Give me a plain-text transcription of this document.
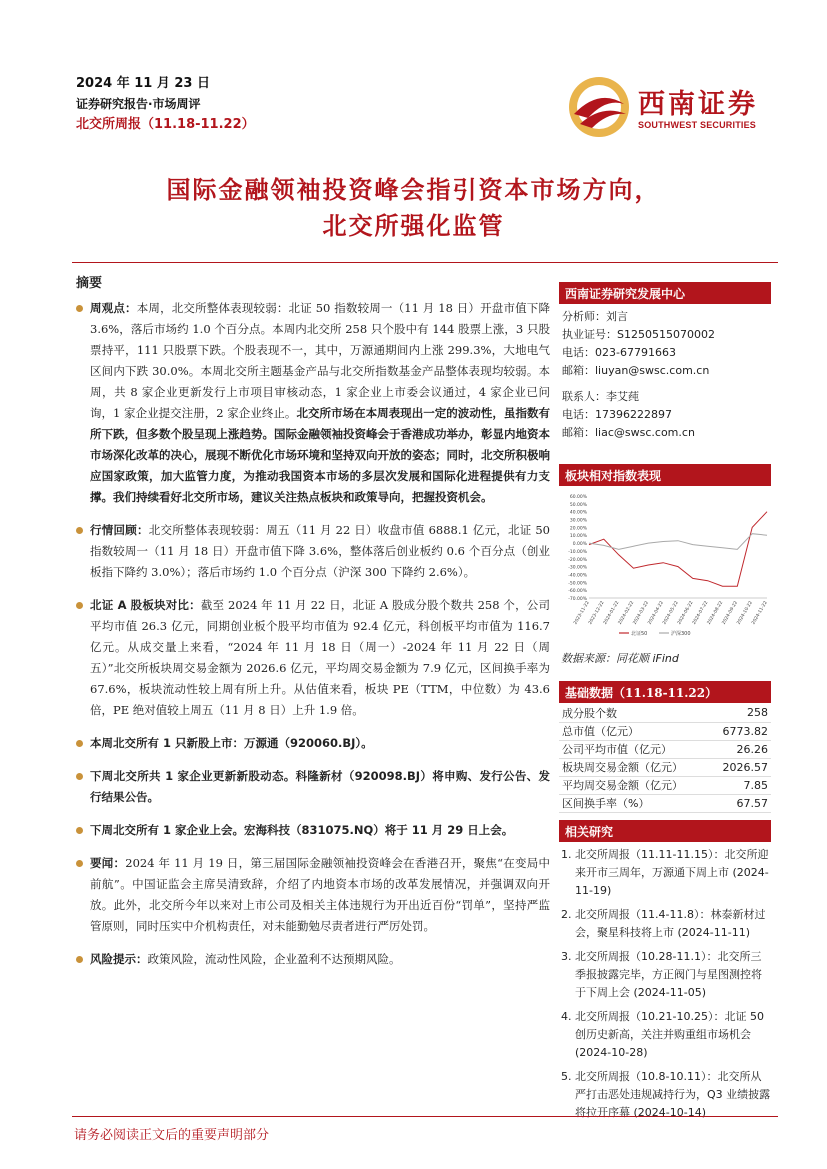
2024 年 11 月 23 日
证券研究报告·市场周评
北交所周报（11.18-11.22）
西南证券
SOUTHWEST SECURITIES
国际金融领袖投资峰会指引资本市场方向，
北交所强化监管
摘要
周观点：本周，北交所整体表现较弱：北证 50 指数较周一（11 月 18 日）开盘市值下降 3.6%，落后市场约 1.0 个百分点。本周内北交所 258 只个股中有 144 股票上涨，3 只股票持平，111 只股票下跌。个股表现不一，其中，万源通期间内上涨 299.3%，大地电气区间内下跌 30.0%。本周北交所主题基金产品与北交所指数基金产品整体表现均较弱。本周，共 8 家企业更新发行上市项目审核动态，1 家企业上市委会议通过，4 家企业已问询，1 家企业提交注册，2 家企业终止。北交所市场在本周表现出一定的波动性，虽指数有所下跌，但多数个股呈现上涨趋势。国际金融领袖投资峰会于香港成功举办，彰显内地资本市场深化改革的决心，展现不断优化市场环境和坚持双向开放的姿态；同时，北交所积极响应国家政策，加大监管力度，为推动我国资本市场的多层次发展和国际化进程提供有力支撑。我们持续看好北交所市场，建议关注热点板块和政策导向，把握投资机会。
行情回顾：北交所整体表现较弱：周五（11 月 22 日）收盘市值 6888.1 亿元，北证 50 指数较周一（11 月 18 日）开盘市值下降 3.6%，整体落后创业板约 0.6 个百分点（创业板指下降约 3.0%）；落后市场约 1.0 个百分点（沪深 300 下降约 2.6%）。
北证 A 股板块对比：截至 2024 年 11 月 22 日，北证 A 股成分股个数共 258 个，公司平均市值 26.3 亿元，同期创业板个股平均市值为 92.4 亿元，科创板平均市值为 116.7 亿元。从成交量上来看，“2024 年 11 月 18 日（周一）-2024 年 11 月 22 日（周五）”北交所板块周交易金额为 2026.6 亿元，平均周交易金额为 7.9 亿元，区间换手率为 67.6%，板块流动性较上周有所上升。从估值来看，板块 PE（TTM，中位数）为 43.6 倍，PE 绝对值较上周五（11 月 8 日）上升 1.9 倍。
本周北交所有 1 只新股上市：万源通（920060.BJ）。
下周北交所共 1 家企业更新新股动态。科隆新材（920098.BJ）将申购、发行公告、发行结果公告。
下周北交所有 1 家企业上会。宏海科技（831075.NQ）将于 11 月 29 日上会。
要闻：2024 年 11 月 19 日，第三届国际金融领袖投资峰会在香港召开，聚焦“在变局中前航”。中国证监会主席吴清致辞，介绍了内地资本市场的改革发展情况，并强调双向开放。此外，北交所今年以来对上市公司及相关主体违规行为开出近百份“罚单”，坚持严监管原则，同时压实中介机构责任，对未能勤勉尽责者进行严厉处罚。
风险提示：政策风险，流动性风险，企业盈利不达预期风险。
西南证券研究发展中心
分析师：刘言
执业证号：S1250515070002
电话：023-67791663
邮箱：liuyan@swsc.com.cn
联系人：李艾莼
电话：17396222897
邮箱：liac@swsc.com.cn
板块相对指数表现
60.00%
50.00%
40.00%
30.00%
20.00%
10.00%
0.00%
-10.00%
-20.00%
-30.00%
-40.00%
-50.00%
-60.00%
-70.00%
2023-11-22
2023-12-22
2024-01-22
2024-02-22
2024-03-22
2024-04-22
2024-05-22
2024-06-22
2024-07-22
2024-08-22
2024-09-22
2024-10-22
2024-11-22
北证50	沪深300
数据来源：同花顺 iFind
基础数据（11.18-11.22）
成分股个数	258
总市值（亿元）	6773.82
公司平均市值（亿元）	26.26
板块周交易金额（亿元）	2026.57
平均周交易金额（亿元）	7.85
区间换手率（%）	67.57
相关研究
1. 北交所周报（11.11-11.15）：北交所迎来开市三周年，万源通下周上市 (2024-11-19)
2. 北交所周报（11.4-11.8）：林泰新材过会，聚星科技将上市 (2024-11-11)
3. 北交所周报（10.28-11.1）：北交所三季报披露完毕，方正阀门与星图测控将于下周上会 (2024-11-05)
4. 北交所周报（10.21-10.25）：北证 50 创历史新高，关注并购重组市场机会 (2024-10-28)
5. 北交所周报（10.8-10.11）：北交所从严打击恶处违规减持行为，Q3 业绩披露将拉开序幕 (2024-10-14)
请务必阅读正文后的重要声明部分
